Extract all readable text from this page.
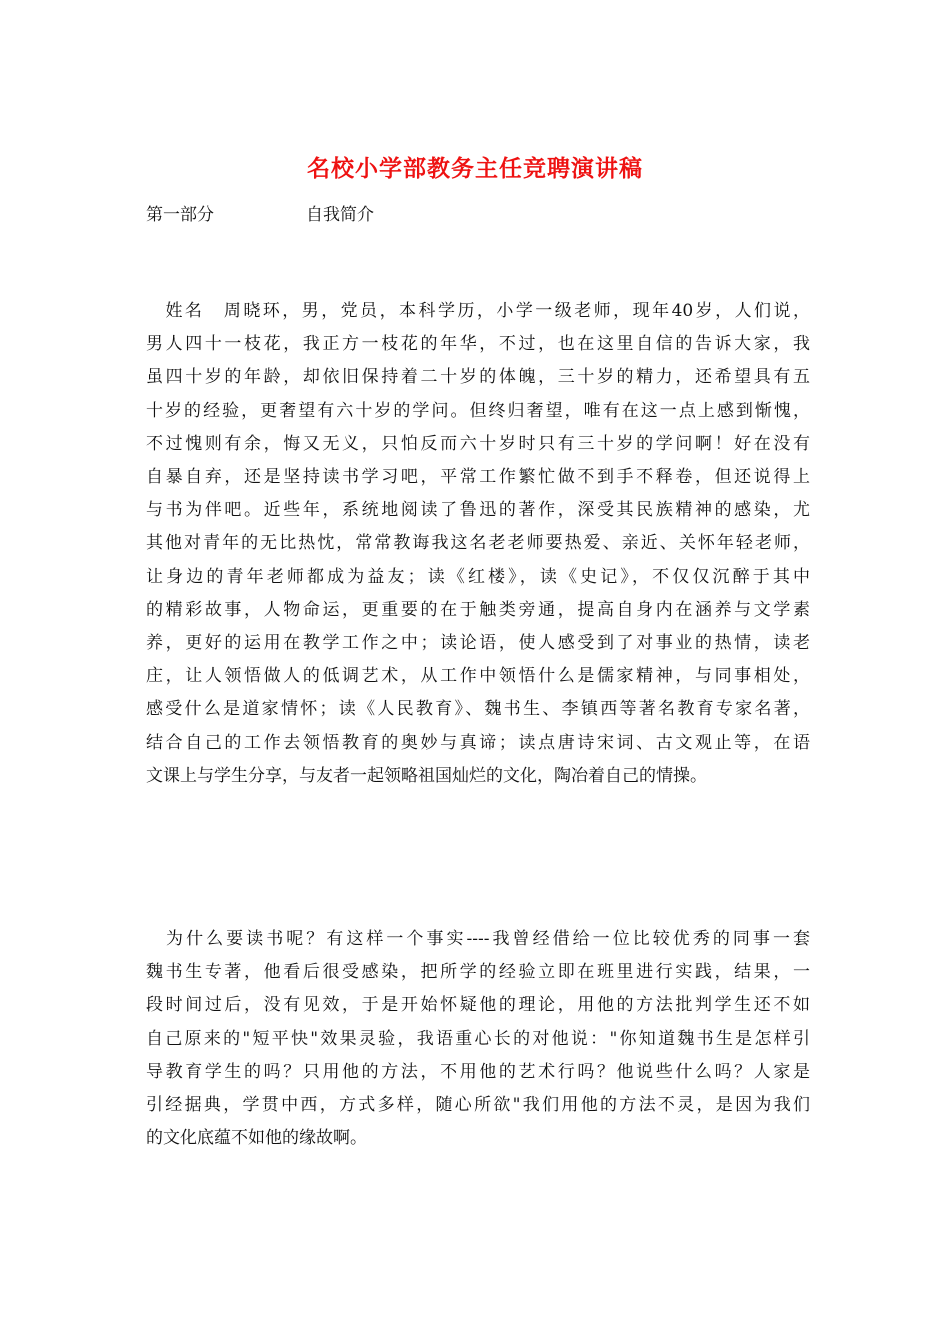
名校小学部教务主任竞聘演讲稿
第一部分	自我简介
　姓名　周晓环，男，党员，本科学历，小学一级老师，现年40岁，人们说，
男人四十一枝花，我正方一枝花的年华，不过，也在这里自信的告诉大家，我
虽四十岁的年龄，却依旧保持着二十岁的体魄，三十岁的精力，还希望具有五
十岁的经验，更奢望有六十岁的学问。但终归奢望，唯有在这一点上感到惭愧，
不过愧则有余，悔又无义，只怕反而六十岁时只有三十岁的学问啊！好在没有
自暴自弃，还是坚持读书学习吧，平常工作繁忙做不到手不释卷，但还说得上
与书为伴吧。近些年，系统地阅读了鲁迅的著作，深受其民族精神的感染，尤
其他对青年的无比热忱，常常教诲我这名老老师要热爱、亲近、关怀年轻老师，
让身边的青年老师都成为益友；读《红楼》，读《史记》，不仅仅沉醉于其中
的精彩故事，人物命运，更重要的在于触类旁通，提高自身内在涵养与文学素
养，更好的运用在教学工作之中；读论语，使人感受到了对事业的热情，读老
庄，让人领悟做人的低调艺术，从工作中领悟什么是儒家精神，与同事相处，
感受什么是道家情怀；读《人民教育》、魏书生、李镇西等著名教育专家名著，
结合自己的工作去领悟教育的奥妙与真谛；读点唐诗宋词、古文观止等，在语
文课上与学生分享，与友者一起领略祖国灿烂的文化，陶冶着自己的情操。
　为什么要读书呢？有这样一个事实----我曾经借给一位比较优秀的同事一套
魏书生专著，他看后很受感染，把所学的经验立即在班里进行实践，结果，一
段时间过后，没有见效，于是开始怀疑他的理论，用他的方法批判学生还不如
自己原来的"短平快"效果灵验，我语重心长的对他说："你知道魏书生是怎样引
导教育学生的吗？只用他的方法，不用他的艺术行吗？他说些什么吗？人家是
引经据典，学贯中西，方式多样，随心所欲"我们用他的方法不灵，是因为我们
的文化底蕴不如他的缘故啊。
